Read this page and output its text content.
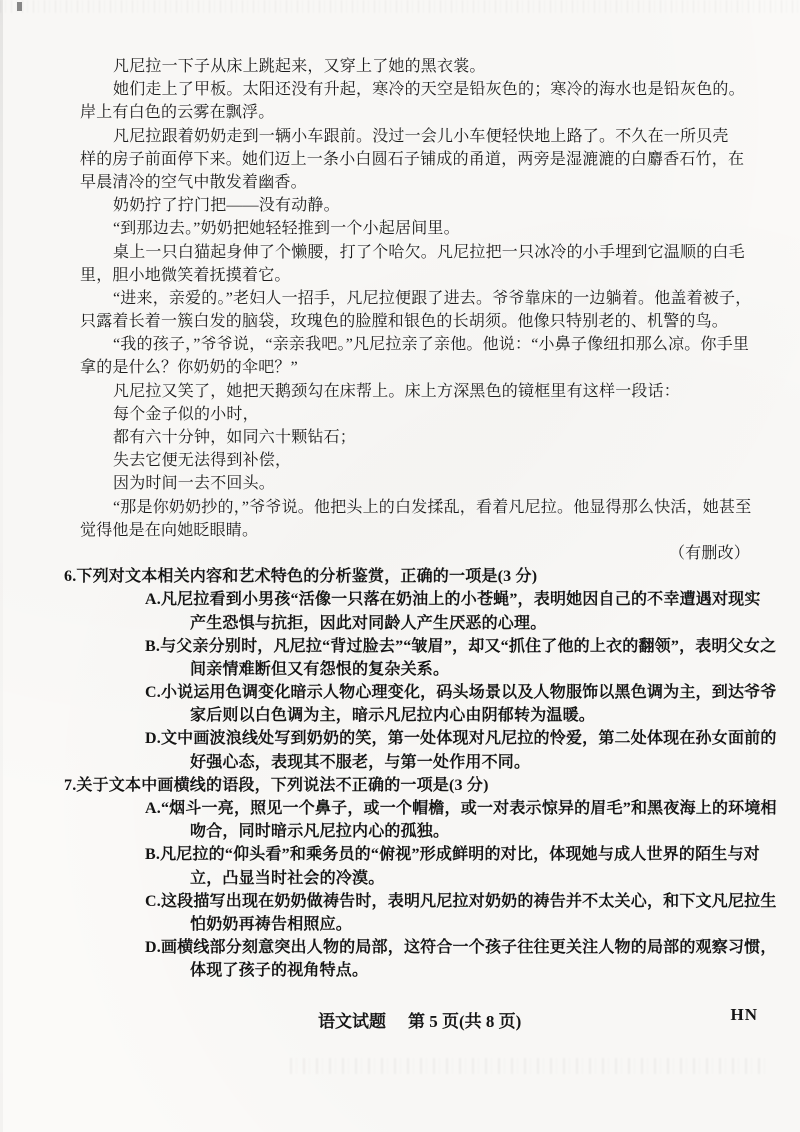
凡尼拉一下子从床上跳起来，又穿上了她的黑衣裳。
她们走上了甲板。太阳还没有升起，寒冷的天空是铅灰色的；寒冷的海水也是铅灰色的。
岸上有白色的云雾在飘浮。
凡尼拉跟着奶奶走到一辆小车跟前。没过一会儿小车便轻快地上路了。不久在一所贝壳
样的房子前面停下来。她们迈上一条小白圆石子铺成的甬道，两旁是湿漉漉的白麝香石竹，在
早晨清冷的空气中散发着幽香。
奶奶拧了拧门把——没有动静。
“到那边去。”奶奶把她轻轻推到一个小起居间里。
桌上一只白猫起身伸了个懒腰，打了个哈欠。凡尼拉把一只冰冷的小手埋到它温顺的白毛
里，胆小地微笑着抚摸着它。
“进来，亲爱的。”老妇人一招手，凡尼拉便跟了进去。爷爷靠床的一边躺着。他盖着被子，
只露着长着一簇白发的脑袋，玫瑰色的脸膛和银色的长胡须。他像只特别老的、机警的鸟。
“我的孩子，”爷爷说，“亲亲我吧。”凡尼拉亲了亲他。他说：“小鼻子像纽扣那么凉。你手里
拿的是什么？你奶奶的伞吧？”
凡尼拉又笑了，她把天鹅颈勾在床帮上。床上方深黑色的镜框里有这样一段话：
每个金子似的小时，
都有六十分钟，如同六十颗钻石；
失去它便无法得到补偿，
因为时间一去不回头。
“那是你奶奶抄的，”爷爷说。他把头上的白发揉乱，看着凡尼拉。他显得那么快活，她甚至
觉得他是在向她眨眼睛。
（有删改）
6.下列对文本相关内容和艺术特色的分析鉴赏，正确的一项是(3 分)
A.凡尼拉看到小男孩“活像一只落在奶油上的小苍蝇”，表明她因自己的不幸遭遇对现实
产生恐惧与抗拒，因此对同龄人产生厌恶的心理。
B.与父亲分别时，凡尼拉“背过脸去”“皱眉”，却又“抓住了他的上衣的翻领”，表明父女之
间亲情难断但又有怨恨的复杂关系。
C.小说运用色调变化暗示人物心理变化，码头场景以及人物服饰以黑色调为主，到达爷爷
家后则以白色调为主，暗示凡尼拉内心由阴郁转为温暖。
D.文中画波浪线处写到奶奶的笑，第一处体现对凡尼拉的怜爱，第二处体现在孙女面前的
好强心态，表现其不服老，与第一处作用不同。
7.关于文本中画横线的语段，下列说法不正确的一项是(3 分)
A.“烟斗一亮，照见一个鼻子，或一个帽檐，或一对表示惊异的眉毛”和黑夜海上的环境相
吻合，同时暗示凡尼拉内心的孤独。
B.凡尼拉的“仰头看”和乘务员的“俯视”形成鲜明的对比，体现她与成人世界的陌生与对
立，凸显当时社会的冷漠。
C.这段描写出现在奶奶做祷告时，表明凡尼拉对奶奶的祷告并不太关心，和下文凡尼拉生
怕奶奶再祷告相照应。
D.画横线部分刻意突出人物的局部，这符合一个孩子往往更关注人物的局部的观察习惯，
体现了孩子的视角特点。
语文试题 第 5 页(共 8 页)	HN
